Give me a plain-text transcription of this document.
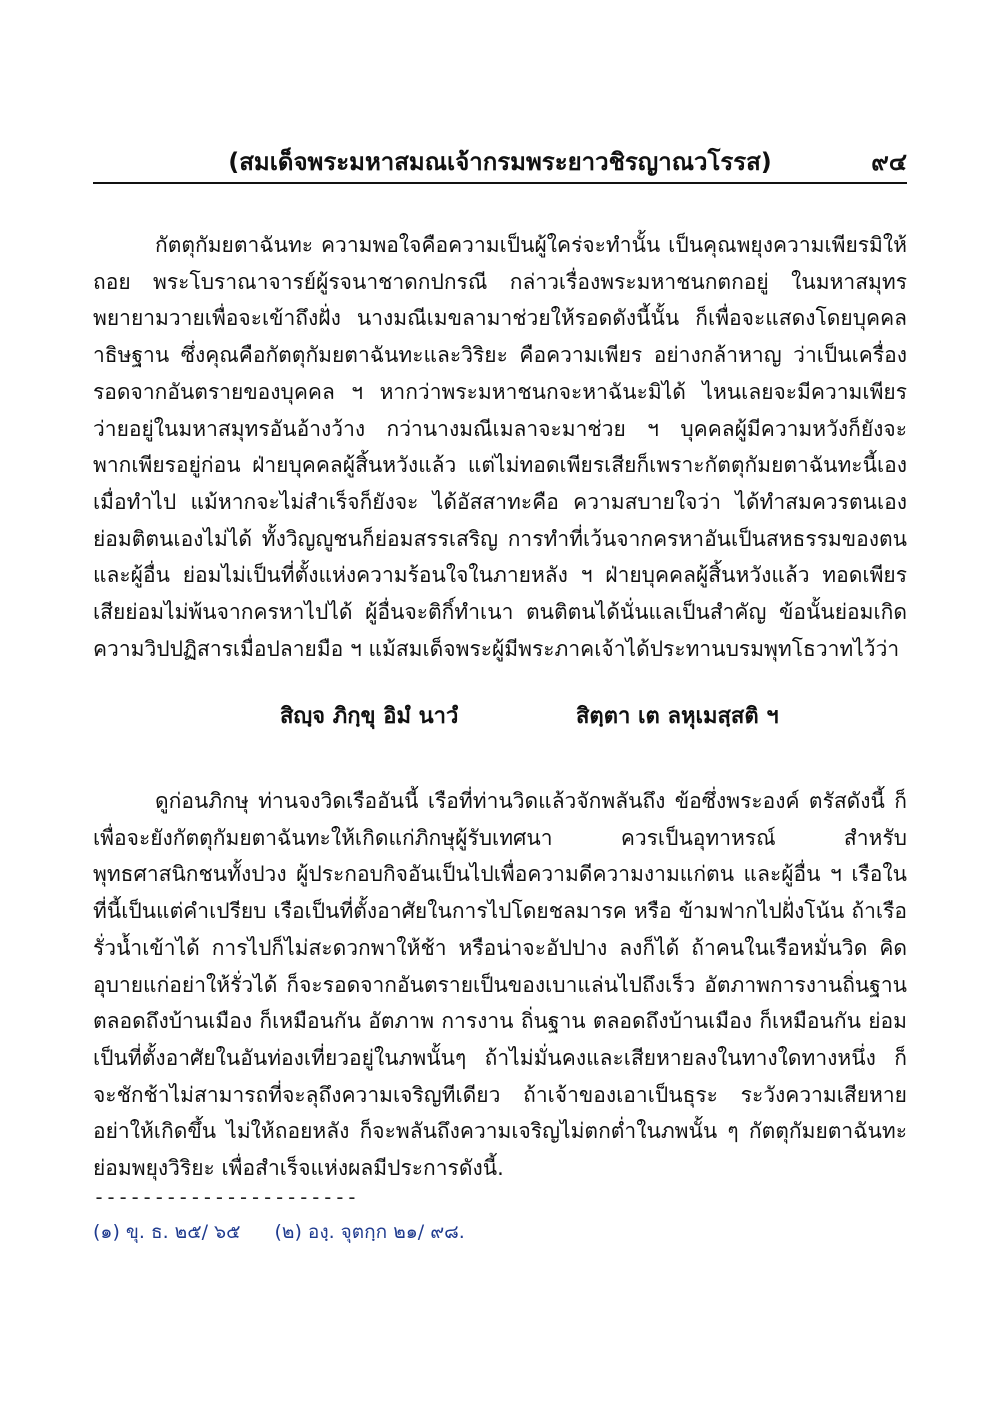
(สมเด็จพระมหาสมณเจ้ากรมพระยาวชิรญาณวโรรส)	๙๔

กัตตุกัมยตาฉันทะ ความพอใจคือความเป็นผู้ใคร่จะทำนั้น เป็นคุณพยุงความเพียรมิให้ถอย พระโบราณาจารย์ผู้รจนาชาดกปกรณี กล่าวเรื่องพระมหาชนกตกอยู่ ในมหาสมุทร พยายามวายเพื่อจะเข้าถึงฝั่ง นางมณีเมขลามาช่วยให้รอดดังนี้นั้น ก็เพื่อจะแสดงโดยบุคคลาธิษฐาน ซึ่งคุณคือกัตตุกัมยตาฉันทะและวิริยะ คือความเพียร อย่างกล้าหาญ ว่าเป็นเครื่องรอดจากอันตรายของบุคคล ฯ หากว่าพระมหาชนกจะหาฉันะมิได้ ไหนเลยจะมีความเพียรว่ายอยู่ในมหาสมุทรอันอ้างว้าง กว่านางมณีเมลาจะมาช่วย ฯ บุคคลผู้มีความหวังก็ยังจะพากเพียรอยู่ก่อน ฝ่ายบุคคลผู้สิ้นหวังแล้ว แต่ไม่ทอดเพียรเสียก็เพราะกัตตุกัมยตาฉันทะนี้เอง เมื่อทำไป แม้หากจะไม่สำเร็จก็ยังจะ ได้อัสสาทะคือ ความสบายใจว่า ได้ทำสมควรตนเองย่อมติตนเองไม่ได้ ทั้งวิญญูชนก็ย่อมสรรเสริญ การทำที่เว้นจากครหาอันเป็นสหธรรมของตนและผู้อื่น ย่อมไม่เป็นที่ตั้งแห่งความร้อนใจในภายหลัง ฯ ฝ่ายบุคคลผู้สิ้นหวังแล้ว ทอดเพียรเสียย่อมไม่พ้นจากครหาไปได้ ผู้อื่นจะติกิ์ทำเนา ตนติตนได้นั่นแลเป็นสำคัญ ข้อนั้นย่อมเกิดความวิปปฏิสารเมื่อปลายมือ ฯ แม้สมเด็จพระผู้มีพระภาคเจ้าได้ประทานบรมพุทโธวาทไว้ว่า

สิญฺจ ภิกฺขุ อิมํ นาวํ	สิตฺตา เต ลหุเมสฺสติ ฯ

ดูก่อนภิกษุ ท่านจงวิดเรืออันนี้ เรือที่ท่านวิดแล้วจักพลันถึง ข้อซึ่งพระองค์ ตรัสดังนี้ ก็เพื่อจะยังกัตตุกัมยตาฉันทะให้เกิดแก่ภิกษุผู้รับเทศนา ควรเป็นอุทาหรณ์ สำหรับพุทธศาสนิกชนทั้งปวง ผู้ประกอบกิจอันเป็นไปเพื่อความดีความงามแก่ตน และผู้อื่น ฯ เรือในที่นี้เป็นแต่คำเปรียบ เรือเป็นที่ตั้งอาศัยในการไปโดยชลมารค หรือ ข้ามฟากไปฝั่งโน้น ถ้าเรือรั่วน้ำเข้าได้ การไปก็ไม่สะดวกพาให้ช้า หรือน่าจะอัปปาง ลงก็ได้ ถ้าคนในเรือหมั่นวิด คิดอุบายแก่อย่าให้รั่วได้ ก็จะรอดจากอันตรายเป็นของเบาแล่นไปถึงเร็ว อัตภาพการงานถิ่นฐานตลอดถึงบ้านเมือง ก็เหมือนกัน อัตภาพ การงาน ถิ่นฐาน ตลอดถึงบ้านเมือง ก็เหมือนกัน ย่อมเป็นที่ตั้งอาศัยในอันท่องเที่ยวอยู่ในภพนั้นๆ ถ้าไม่มั่นคงและเสียหายลงในทางใดทางหนึ่ง ก็จะชักช้าไม่สามารถที่จะลุถึงความเจริญทีเดียว ถ้าเจ้าของเอาเป็นธุระ ระวังความเสียหายอย่าให้เกิดขึ้น ไม่ให้ถอยหลัง ก็จะพลันถึงความเจริญไม่ตกต่ำในภพนั้น ๆ กัตตุกัมยตาฉันทะย่อมพยุงวิริยะ เพื่อสำเร็จแห่งผลมีประการดังนี้.

----------------------
(๑) ขุ. ธ. ๒๕/ ๖๕ (๒) องฺ. จุตกฺก ๒๑/ ๙๘.
